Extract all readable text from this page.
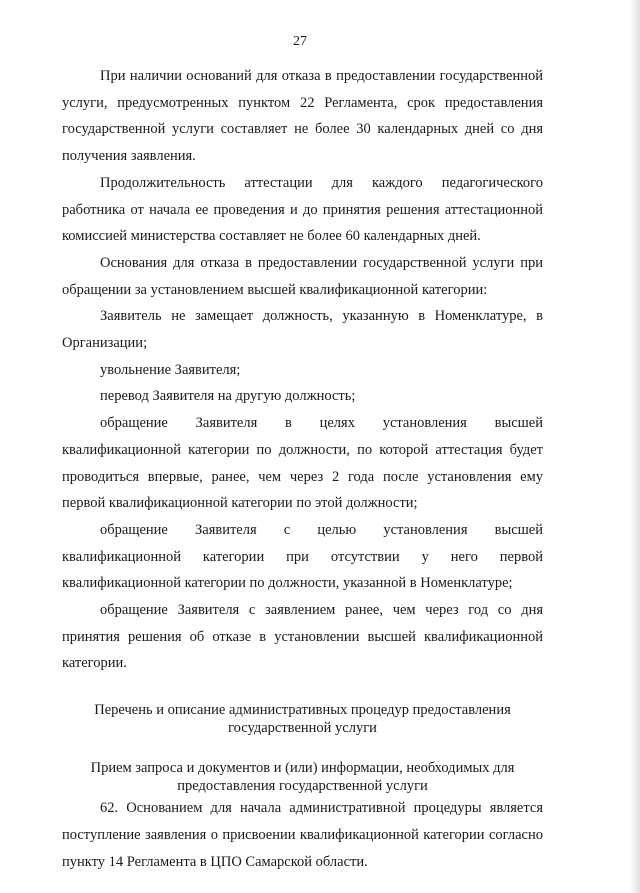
27

При наличии оснований для отказа в предоставлении государственной услуги, предусмотренных пунктом 22 Регламента, срок предоставления государственной услуги составляет не более 30 календарных дней со дня получения заявления.

Продолжительность аттестации для каждого педагогического работника от начала ее проведения и до принятия решения аттестационной комиссией министерства составляет не более 60 календарных дней.

Основания для отказа в предоставлении государственной услуги при обращении за установлением высшей квалификационной категории:

Заявитель не замещает должность, указанную в Номенклатуре, в Организации;

увольнение Заявителя;

перевод Заявителя на другую должность;

обращение Заявителя в целях установления высшей квалификационной категории по должности, по которой аттестация будет проводиться впервые, ранее, чем через 2 года после установления ему первой квалификационной категории по этой должности;

обращение Заявителя с целью установления высшей квалификационной категории при отсутствии у него первой квалификационной категории по должности, указанной в Номенклатуре;

обращение Заявителя с заявлением ранее, чем через год со дня принятия решения об отказе в установлении высшей квалификационной категории.

Перечень и описание административных процедур предоставления
государственной услуги
Прием запроса и документов и (или) информации, необходимых для
предоставления государственной услуги

62. Основанием для начала административной процедуры является поступление заявления о присвоении квалификационной категории согласно пункту 14 Регламента в ЦПО Самарской области.
